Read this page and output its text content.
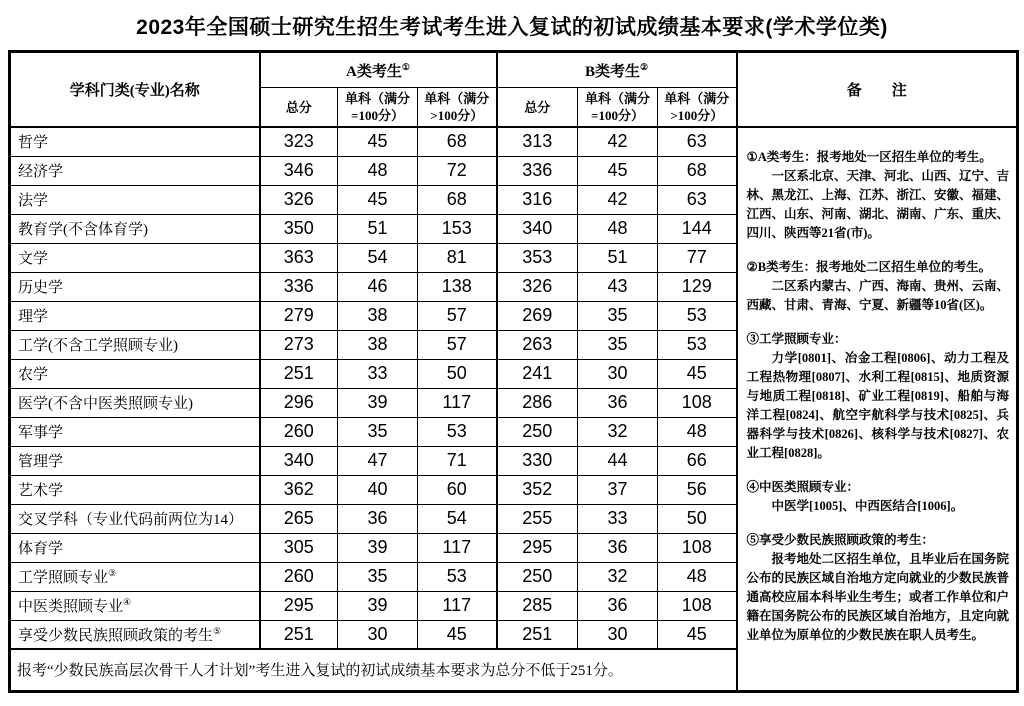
2023年全国硕士研究生招生考试考生进入复试的初试成绩基本要求(学术学位类)
学科门类(专业)名称	A类考生①			B类考生②			备　　注
	总分	单科（满分 =100分）	单科（满分 >100分）	总分	单科（满分 =100分）	单科（满分 >100分）	
哲学	323	45	68	313	42	63	

①A类考生：报考地处一区招生单位的考生。

一区系北京、天津、河北、山西、辽宁、吉林、黑龙江、上海、江苏、浙江、安徽、福建、江西、山东、河南、湖北、湖南、广东、重庆、四川、陕西等21省(市)。

②B类考生：报考地处二区招生单位的考生。

二区系内蒙古、广西、海南、贵州、云南、西藏、甘肃、青海、宁夏、新疆等10省(区)。

③工学照顾专业：

力学[0801]、冶金工程[0806]、动力工程及工程热物理[0807]、水利工程[0815]、地质资源与地质工程[0818]、矿业工程[0819]、船舶与海洋工程[0824]、航空宇航科学与技术[0825]、兵器科学与技术[0826]、核科学与技术[0827]、农业工程[0828]。

④中医类照顾专业：

中医学[1005]、中西医结合[1006]。

⑤享受少数民族照顾政策的考生：

报考地处二区招生单位，且毕业后在国务院公布的民族区域自治地方定向就业的少数民族普通高校应届本科毕业生考生；或者工作单位和户籍在国务院公布的民族区域自治地方，且定向就业单位为原单位的少数民族在职人员考生。

经济学	346	48	72	336	45	68	
法学	326	45	68	316	42	63	
教育学(不含体育学)	350	51	153	340	48	144	
文学	363	54	81	353	51	77	
历史学	336	46	138	326	43	129	
理学	279	38	57	269	35	53	
工学(不含工学照顾专业)	273	38	57	263	35	53	
农学	251	33	50	241	30	45	
医学(不含中医类照顾专业)	296	39	117	286	36	108	
军事学	260	35	53	250	32	48	
管理学	340	47	71	330	44	66	
艺术学	362	40	60	352	37	56	
交叉学科（专业代码前两位为14）	265	36	54	255	33	50	
体育学	305	39	117	295	36	108	
工学照顾专业③	260	35	53	250	32	48	
中医类照顾专业④	295	39	117	285	36	108	
享受少数民族照顾政策的考生⑤	251	30	45	251	30	45	
报考“少数民族高层次骨干人才计划”考生进入复试的初试成绩基本要求为总分不低于251分。							
